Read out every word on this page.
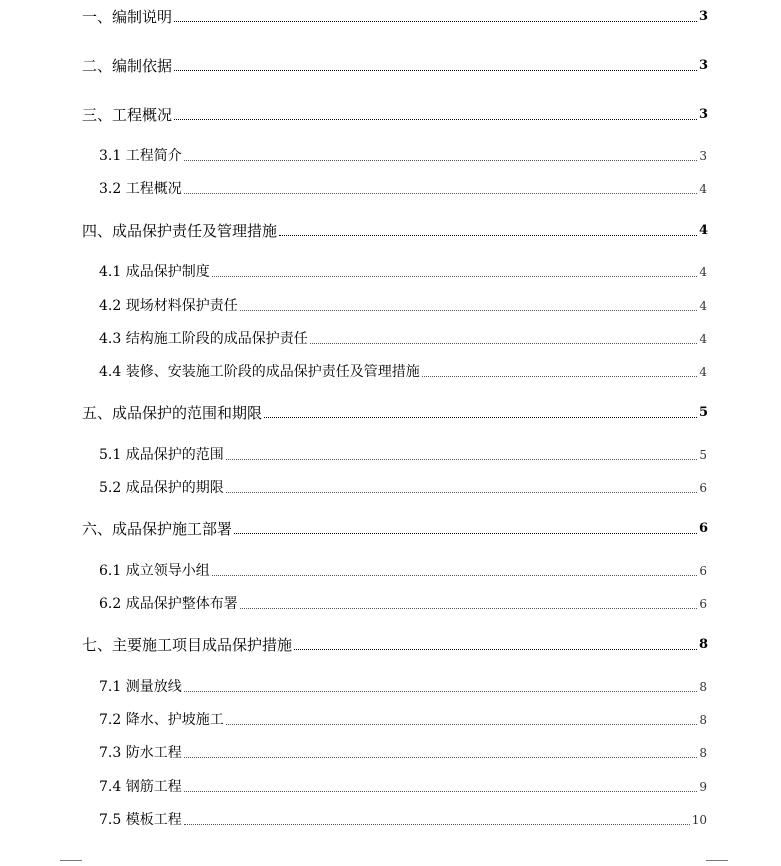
一、编制说明	3
二、编制依据	3
三、工程概况	3
3.1 工程简介	3
3.2 工程概况	4
四、成品保护责任及管理措施	4
4.1 成品保护制度	4
4.2 现场材料保护责任	4
4.3 结构施工阶段的成品保护责任	4
4.4 装修、安装施工阶段的成品保护责任及管理措施	4
五、成品保护的范围和期限	5
5.1 成品保护的范围	5
5.2 成品保护的期限	6
六、成品保护施工部署	6
6.1 成立领导小组	6
6.2 成品保护整体布署	6
七、主要施工项目成品保护措施	8
7.1 测量放线	8
7.2 降水、护坡施工	8
7.3 防水工程	8
7.4 钢筋工程	9
7.5 模板工程	10
